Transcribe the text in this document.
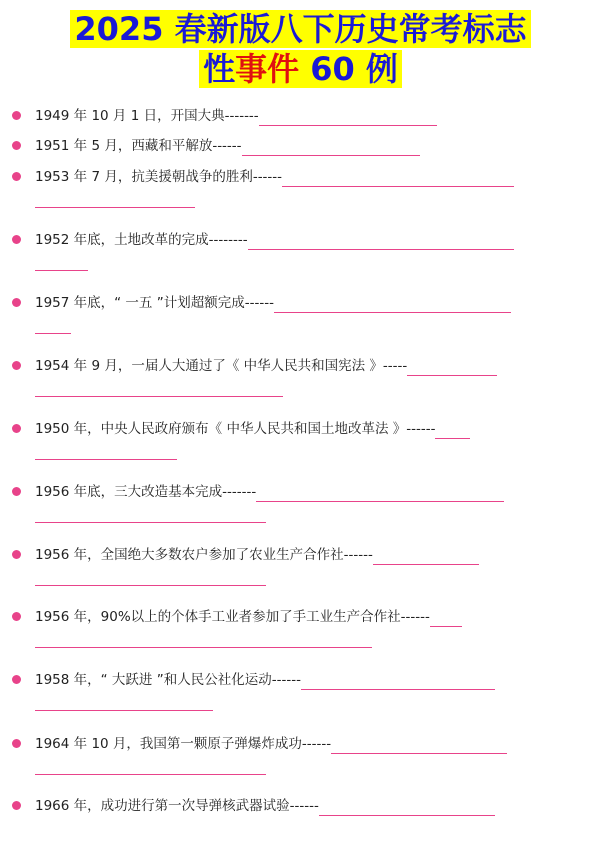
2025 春新版八下历史常考标志
性事件 60 例
1949 年 10 月 1 日，开国大典-------
1951 年 5 月，西藏和平解放------
1953 年 7 月，抗美援朝战争的胜利------
1952 年底，土地改革的完成--------
1957 年底，“ 一五 ”计划超额完成------
1954 年 9 月，一届人大通过了《 中华人民共和国宪法 》-----
1950 年，中央人民政府颁布《 中华人民共和国土地改革法 》------
1956 年底，三大改造基本完成-------
1956 年，全国绝大多数农户参加了农业生产合作社------
1956 年，90%以上的个体手工业者参加了手工业生产合作社------
1958 年，“ 大跃进 ”和人民公社化运动------
1964 年 10 月，我国第一颗原子弹爆炸成功------
1966 年，成功进行第一次导弹核武器试验------
